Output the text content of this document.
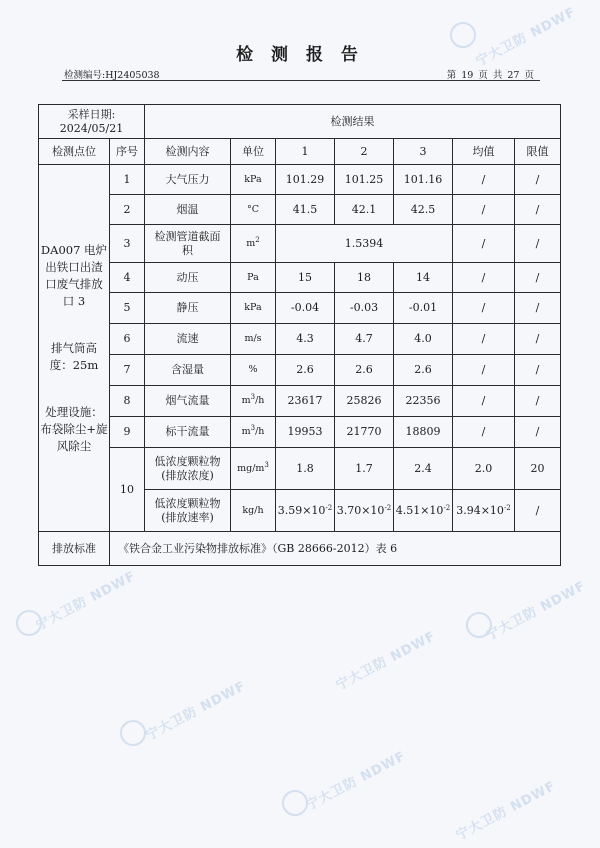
宁大卫防 NDWF
宁大卫防 NDWF	宁大卫防 NDWF
宁大卫防 NDWF
宁大卫防 NDWF
宁大卫防 NDWF
宁大卫防 NDWF
检 测 报 告
检测编号:HJ2405038	第 19 页 共 27 页
采样日期:
2024/05/21		检测结果						
检测点位	序号	检测内容	单位	1	2	3	均值	限值

DA007 电炉出铁口出渣口废气排放口 3
排气筒高度：25m
处理设施：布袋除尘+旋风除尘	1	大气压力	kPa	101.29	101.25	101.16	/	/
	2	烟温	°C	41.5	42.1	42.5	/	/
	3	检测管道截面积	$m^2$	1.5394			/	/
	4	动压	Pa	15	18	14	/	/
	5	静压	kPa	-0.04	-0.03	-0.01	/	/
	6	流速	m/s	4.3	4.7	4.0	/	/
	7	含湿量	%	2.6	2.6	2.6	/	/
	8	烟气流量	$m^3/h$	23617	25826	22356	/	/
	9	标干流量	$m^3/h$	19953	21770	18809	/	/
	10	低浓度颗粒物
(排放浓度)	$mg/m^3$	1.8	1.7	2.4	2.0	20

		低浓度颗粒物
(排放速率)	kg/h	$3.59\times 10^{-2}$	$3.70\times 10^{-2}$	$4.51\times 10^{-2}$	$3.94\times 10^{-2}$	/
排放标准	《铁合金工业污染物排放标准》（GB 28666-2012）表 6							
